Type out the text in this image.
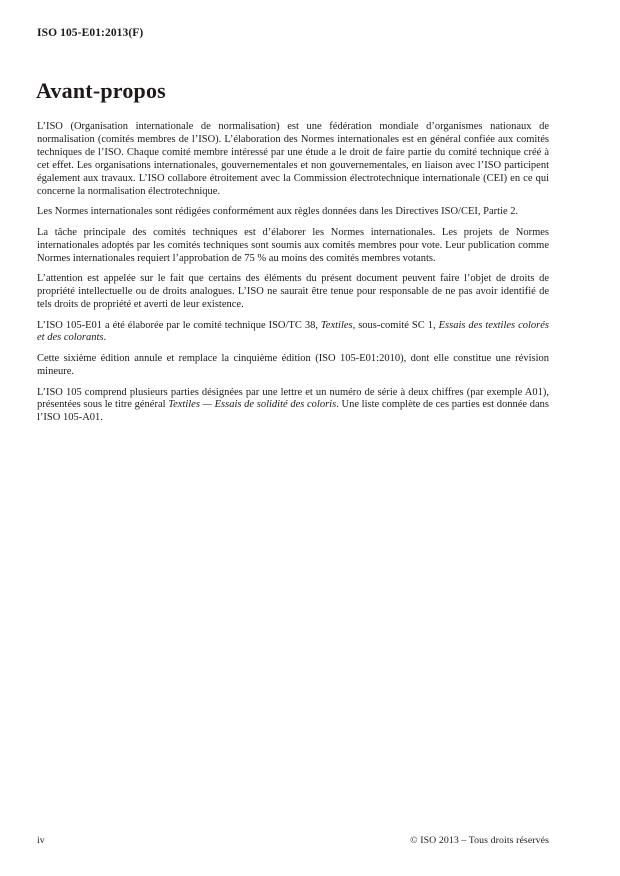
ISO 105-E01:2013(F)
Avant-propos

L’ISO (Organisation internationale de normalisation) est une fédération mondiale d’organismes nationaux de normalisation (comités membres de l’ISO). L’élaboration des Normes internationales est en général confiée aux comités techniques de l’ISO. Chaque comité membre intéressé par une étude a le droit de faire partie du comité technique créé à cet effet. Les organisations internationales, gouvernementales et non gouvernementales, en liaison avec l’ISO participent également aux travaux. L’ISO collabore étroitement avec la Commission électrotechnique internationale (CEI) en ce qui concerne la normalisation électrotechnique.

Les Normes internationales sont rédigées conformément aux règles données dans les Directives ISO/CEI, Partie 2.

La tâche principale des comités techniques est d’élaborer les Normes internationales. Les projets de Normes internationales adoptés par les comités techniques sont soumis aux comités membres pour vote. Leur publication comme Normes internationales requiert l’approbation de 75 % au moins des comités membres votants.

L’attention est appelée sur le fait que certains des éléments du présent document peuvent faire l’objet de droits de propriété intellectuelle ou de droits analogues. L’ISO ne saurait être tenue pour responsable de ne pas avoir identifié de tels droits de propriété et averti de leur existence.

L’ISO 105-E01 a été élaborée par le comité technique ISO/TC 38, Textiles, sous-comité SC 1, Essais des textiles colorés et des colorants.

Cette sixième édition annule et remplace la cinquième édition (ISO 105-E01:2010), dont elle constitue une révision mineure.

L’ISO 105 comprend plusieurs parties désignées par une lettre et un numéro de série à deux chiffres (par exemple A01), présentées sous le titre général Textiles — Essais de solidité des coloris. Une liste complète de ces parties est donnée dans l’ISO 105-A01.

iv	© ISO 2013 – Tous droits réservés
